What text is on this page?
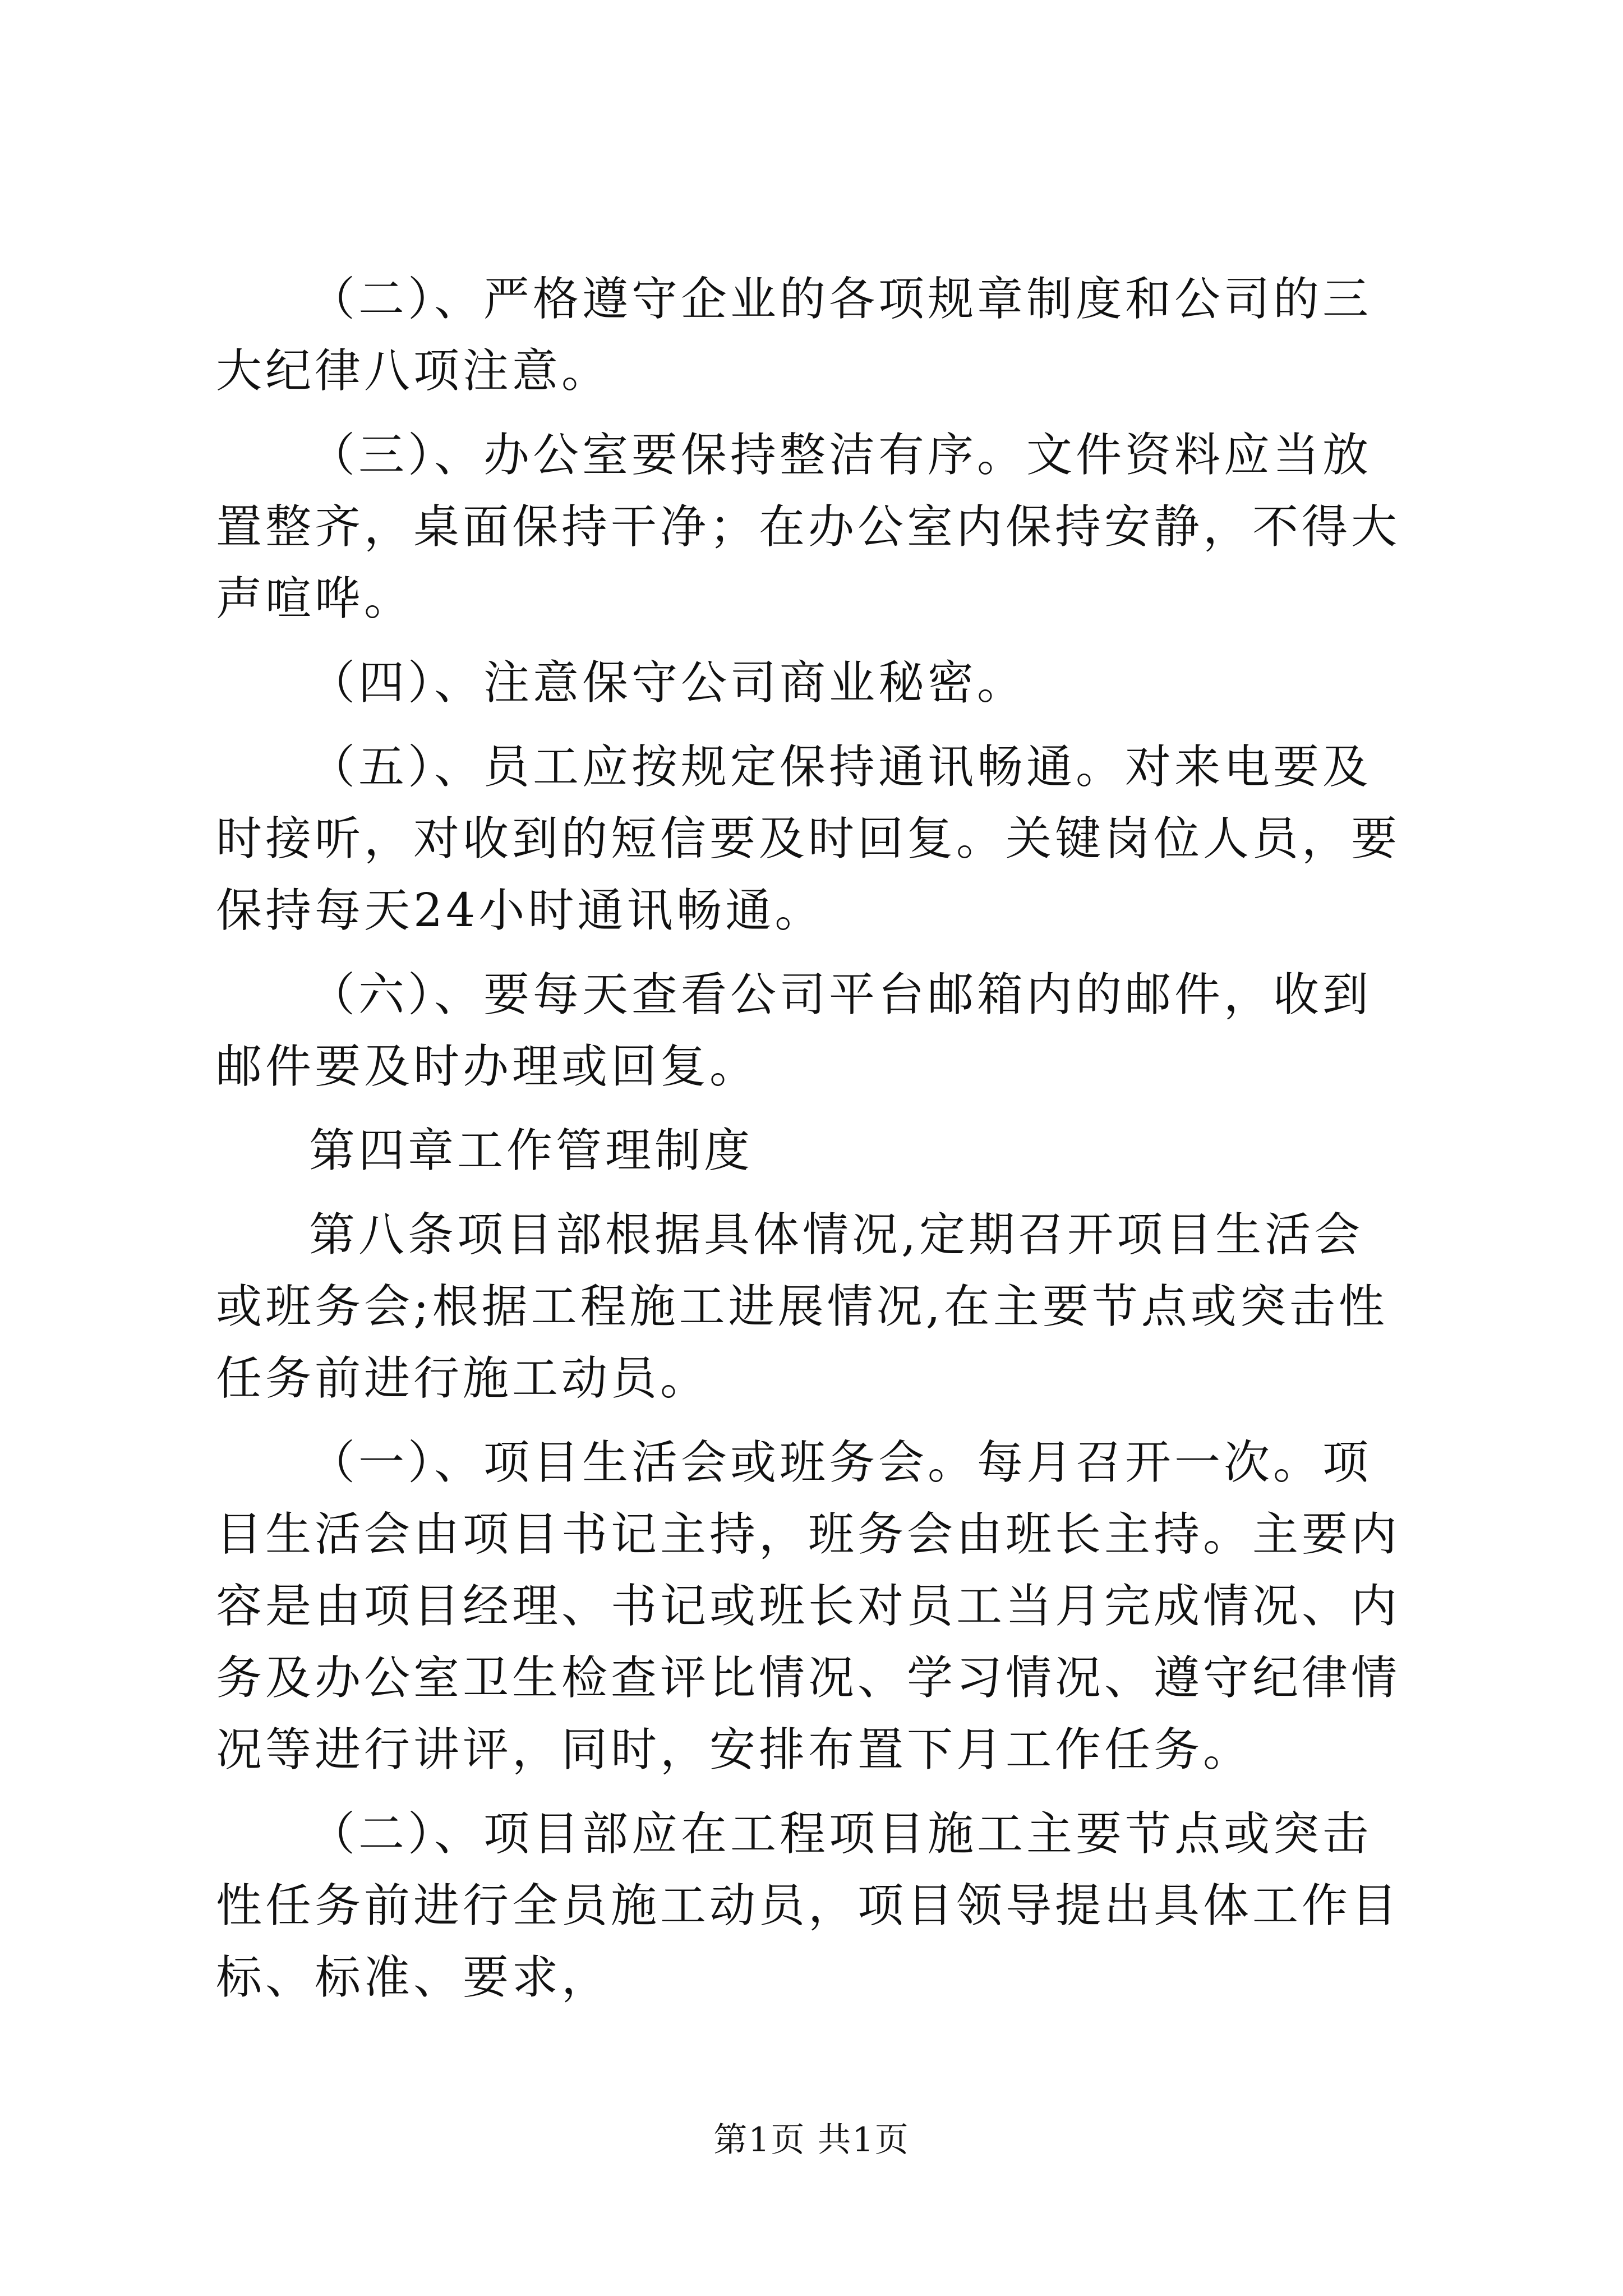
（二）、严格遵守企业的各项规章制度和公司的三大纪律八项注意。

（三）、办公室要保持整洁有序。文件资料应当放置整齐，桌面保持干净；在办公室内保持安静，不得大声喧哗。

（四）、注意保守公司商业秘密。

（五）、员工应按规定保持通讯畅通。对来电要及时接听，对收到的短信要及时回复。关键岗位人员，要保持每天24小时通讯畅通。

（六）、要每天查看公司平台邮箱内的邮件，收到邮件要及时办理或回复。

第四章工作管理制度

第八条项目部根据具体情况,定期召开项目生活会或班务会;根据工程施工进展情况,在主要节点或突击性任务前进行施工动员。

（一）、项目生活会或班务会。每月召开一次。项目生活会由项目书记主持，班务会由班长主持。主要内容是由项目经理、书记或班长对员工当月完成情况、内务及办公室卫生检查评比情况、学习情况、遵守纪律情况等进行讲评，同时，安排布置下月工作任务。

（二）、项目部应在工程项目施工主要节点或突击性任务前进行全员施工动员，项目领导提出具体工作目标、标准、要求，

第1页 共1页
